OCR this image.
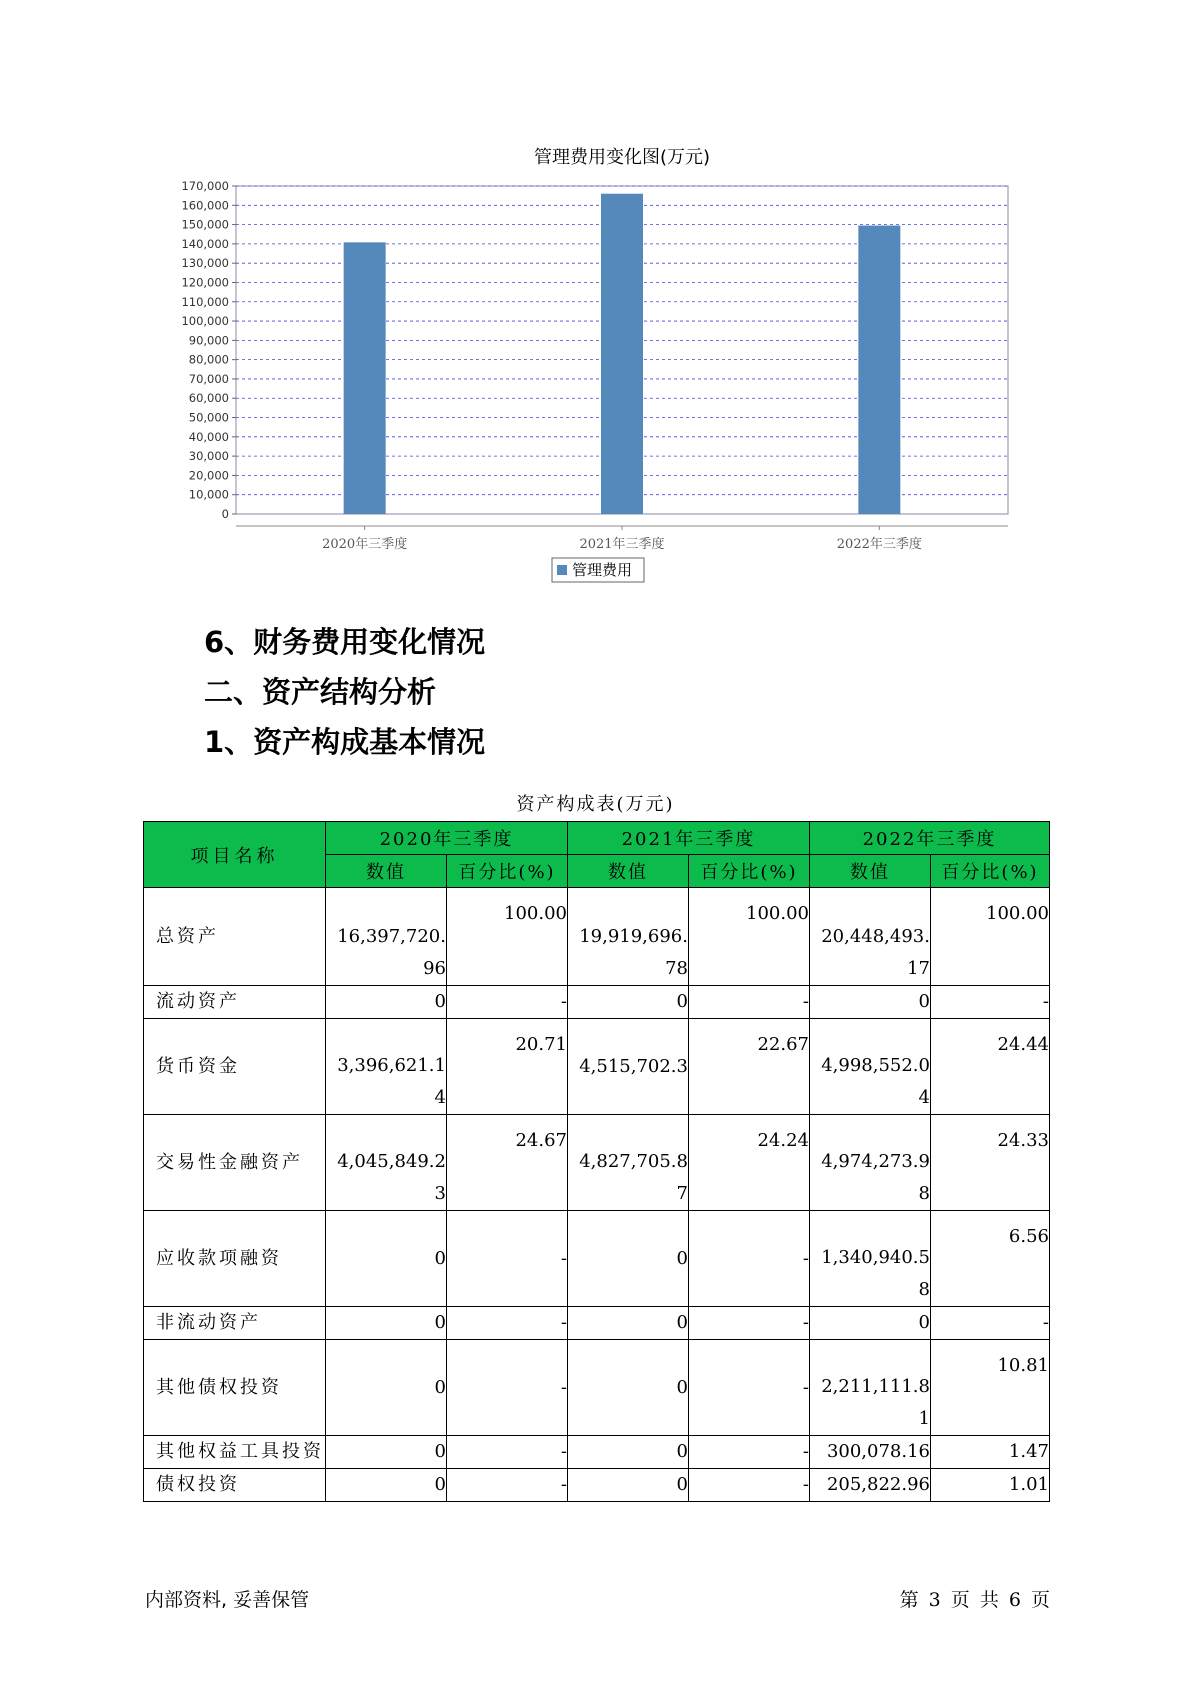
管理费用变化图(万元)
0
10,000
20,000
30,000
40,000
50,000
60,000
70,000
80,000
90,000
100,000
110,000
120,000
130,000
140,000
150,000
160,000
170,000
2020年三季度	2021年三季度	2022年三季度
管理费用
6、财务费用变化情况
二、资产结构分析
1、资产构成基本情况
资产构成表(万元)
项目名称	2020年三季度		2021年三季度		2022年三季度	
	数值	百分比(%)	数值	百分比(%)	数值	百分比(%)
总资产	16,397,720.96	100.00	19,919,696.78	100.00	20,448,493.17	100.00
流动资产	0	-	0	-	0	-
货币资金	3,396,621.14	20.71	4,515,702.3	22.67	4,998,552.04	24.44
交易性金融资产	4,045,849.23	24.67	4,827,705.87	24.24	4,974,273.98	24.33
应收款项融资	0	-	0	-	1,340,940.58	6.56
非流动资产	0	-	0	-	0	-
其他债权投资	0	-	0	-	2,211,111.81	10.81
其他权益工具投资	0	-	0	-	300,078.16	1.47
债权投资	0	-	0	-	205,822.96	1.01
内部资料, 妥善保管	第 3 页 共 6 页
